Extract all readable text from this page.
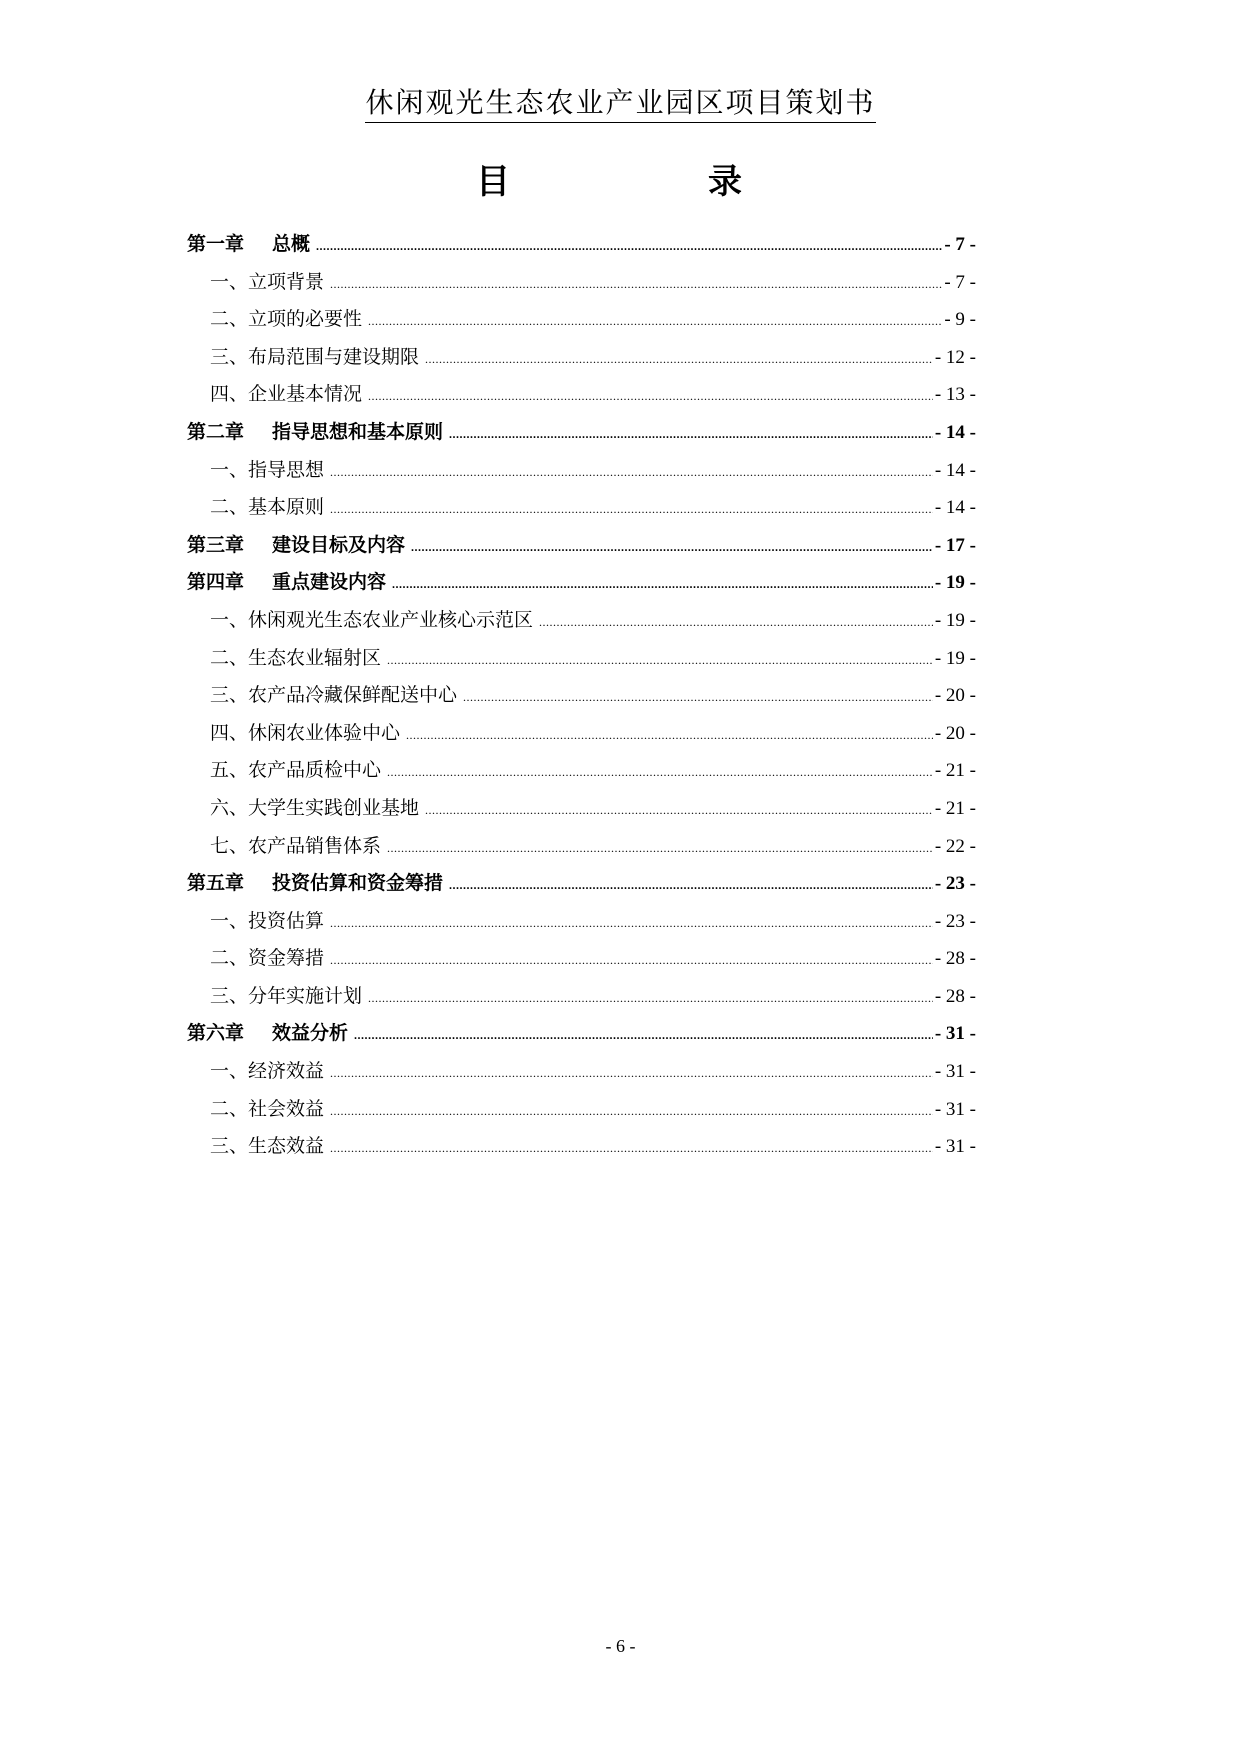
休闲观光生态农业产业园区项目策划书
目	录
第一章 总概 .....	- 7 -
一、立项背景 .....	- 7 -
二、立项的必要性 .....	- 9 -
三、布局范围与建设期限 .....	- 12 -
四、企业基本情况 .....	- 13 -
第二章 指导思想和基本原则 .....	- 14 -
一、指导思想 .....	- 14 -
二、基本原则 .....	- 14 -
第三章 建设目标及内容 .....	- 17 -
第四章 重点建设内容 .....	- 19 -
一、休闲观光生态农业产业核心示范区 .....	- 19 -
二、生态农业辐射区 .....	- 19 -
三、农产品冷藏保鲜配送中心 .....	- 20 -
四、休闲农业体验中心 .....	- 20 -
五、农产品质检中心 .....	- 21 -
六、大学生实践创业基地 .....	- 21 -
七、农产品销售体系 .....	- 22 -
第五章 投资估算和资金筹措 .....	- 23 -
一、投资估算 .....	- 23 -
二、资金筹措 .....	- 28 -
三、分年实施计划 .....	- 28 -
第六章 效益分析 .....	- 31 -
一、经济效益 .....	- 31 -
二、社会效益 .....	- 31 -
三、生态效益 .....	- 31 -
- 6 -
